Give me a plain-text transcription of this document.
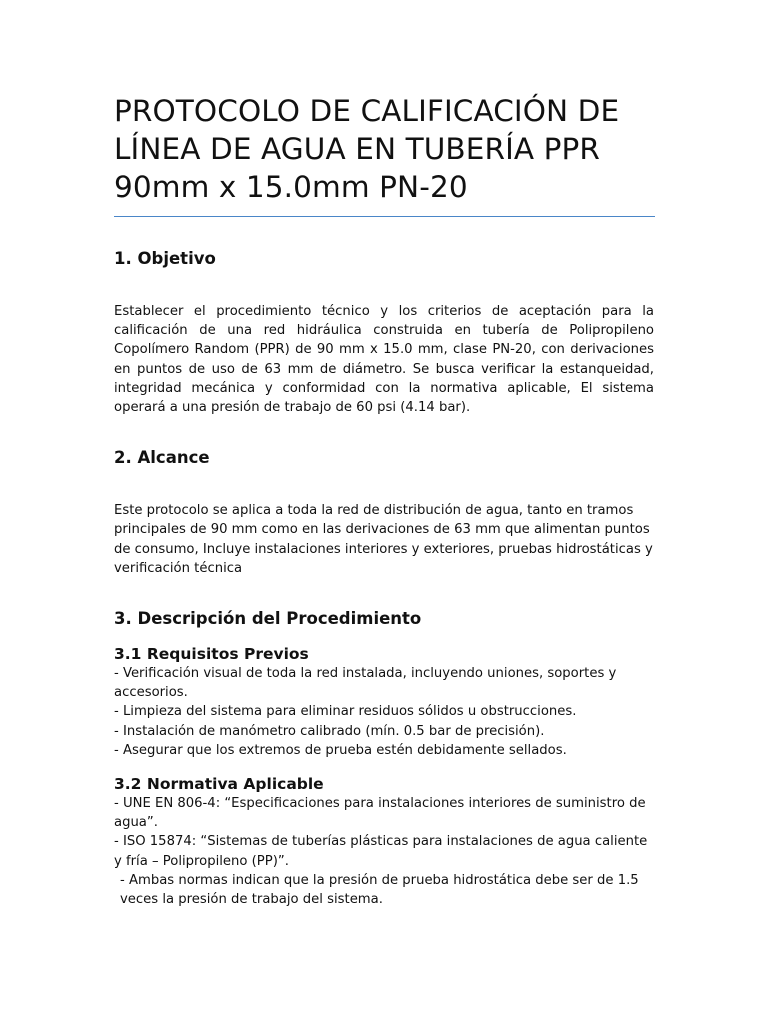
PROTOCOLO DE CALIFICACIÓN DE LÍNEA DE AGUA EN TUBERÍA PPR 90mm x 15.0mm PN-20
1. Objetivo

Establecer el procedimiento técnico y los criterios de aceptación para la calificación de una red hidráulica construida en tubería de Polipropileno Copolímero Random (PPR) de 90 mm x 15.0 mm, clase PN-20, con derivaciones en puntos de uso de 63 mm de diámetro. Se busca verificar la estanqueidad, integridad mecánica y conformidad con la normativa aplicable, El sistema operará a una presión de trabajo de 60 psi (4.14 bar).

2. Alcance

Este protocolo se aplica a toda la red de distribución de agua, tanto en tramos principales de 90 mm como en las derivaciones de 63 mm que alimentan puntos de consumo, Incluye instalaciones interiores y exteriores, pruebas hidrostáticas y verificación técnica

3. Descripción del Procedimiento
3.1 Requisitos Previos

- Verificación visual de toda la red instalada, incluyendo uniones, soportes y accesorios.

- Limpieza del sistema para eliminar residuos sólidos u obstrucciones.

- Instalación de manómetro calibrado (mín. 0.5 bar de precisión).

- Asegurar que los extremos de prueba estén debidamente sellados.

3.2 Normativa Aplicable

- UNE EN 806-4: “Especificaciones para instalaciones interiores de suministro de agua”.

- ISO 15874: “Sistemas de tuberías plásticas para instalaciones de agua caliente y fría – Polipropileno (PP)”.

- Ambas normas indican que la presión de prueba hidrostática debe ser de 1.5 veces la presión de trabajo del sistema.
